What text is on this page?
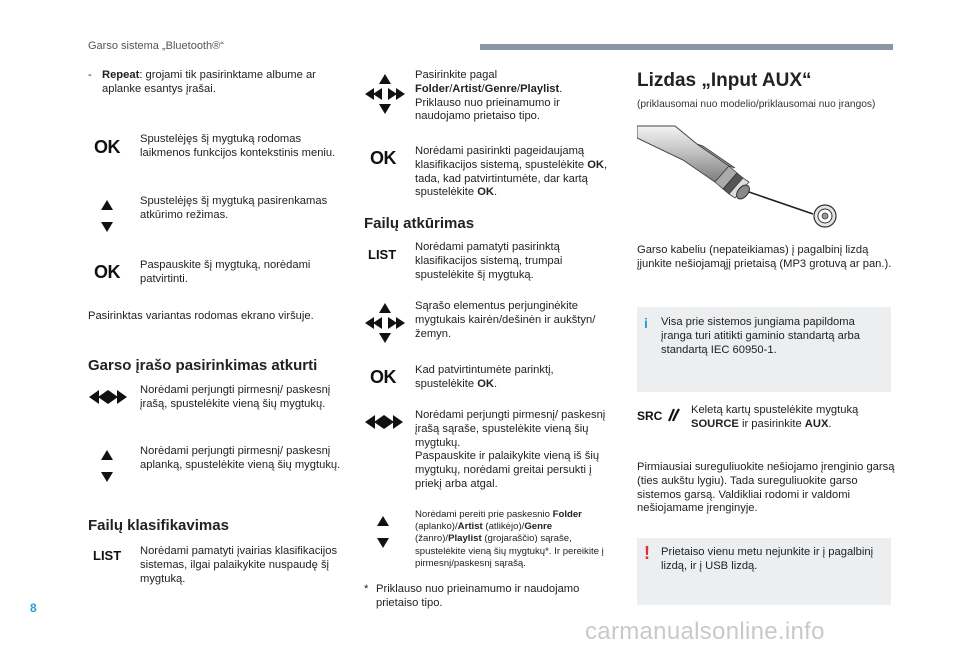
Garso sistema „Bluetooth®“
- Repeat: grojami tik pasirinktame albume ar aplanke esantys įrašai.
OK Spustelėjęs šį mygtuką rodomas laikmenos funkcijos kontekstinis meniu.
Spustelėjęs šį mygtuką pasirenkamas atkūrimo režimas.
OK Paspauskite šį mygtuką, norėdami patvirtinti.
Pasirinktas variantas rodomas ekrano viršuje.
Garso įrašo pasirinkimas atkurti
Norėdami perjungti pirmesnį/ paskesnį įrašą, spustelėkite vieną šių mygtukų.
Norėdami perjungti pirmesnį/ paskesnį aplanką, spustelėkite vieną šių mygtukų.
Failų klasifikavimas
LIST Norėdami pamatyti įvairias klasifikacijos sistemas, ilgai palaikykite nuspaudę šį mygtuką.
Pasirinkite pagal
Folder/Artist/Genre/Playlist.
Priklauso nuo prieinamumo ir naudojamo prietaiso tipo.
OK Norėdami pasirinkti pageidaujamą klasifikacijos sistemą, spustelėkite OK, tada, kad patvirtintumėte, dar kartą spustelėkite OK.
Failų atkūrimas
LIST Norėdami pamatyti pasirinktą klasifikacijos sistemą, trumpai spustelėkite šį mygtuką.
Sąrašo elementus perjunginėkite mygtukais kairėn/dešinėn ir aukštyn/žemyn.
OK Kad patvirtintumėte parinktį, spustelėkite OK.
Norėdami perjungti pirmesnį/ paskesnį įrašą sąraše, spustelėkite vieną šių mygtukų.
Paspauskite ir palaikykite vieną iš šių mygtukų, norėdami greitai persukti į priekį arba atgal.
Norėdami pereiti prie paskesnio Folder (aplanko)/Artist (atlikėjo)/Genre (žanro)/Playlist (grojaraščio) sąraše, spustelėkite vieną šių mygtukų*. Ir pereikite į pirmesnį/paskesnį sąrašą.
* Priklauso nuo prieinamumo ir naudojamo prietaiso tipo.
Lizdas „Input AUX“
(priklausomai nuo modelio/priklausomai nuo įrangos)
Garso kabeliu (nepateikiamas) į pagalbinį lizdą įjunkite nešiojamąjį prietaisą (MP3 grotuvą ar pan.).
i Visa prie sistemos jungiama papildoma įranga turi atitikti gaminio standartą arba standartą IEC 60950-1.
SRC	Keletą kartų spustelėkite mygtuką SOURCE ir pasirinkite AUX.
Pirmiausiai sureguliuokite nešiojamo įrenginio garsą (ties aukštu lygiu). Tada sureguliuokite garso sistemos garsą. Valdikliai rodomi ir valdomi nešiojamame įrenginyje.
! Prietaiso vienu metu nejunkite ir į pagalbinį lizdą, ir į USB lizdą.
8
carmanualsonline.info
